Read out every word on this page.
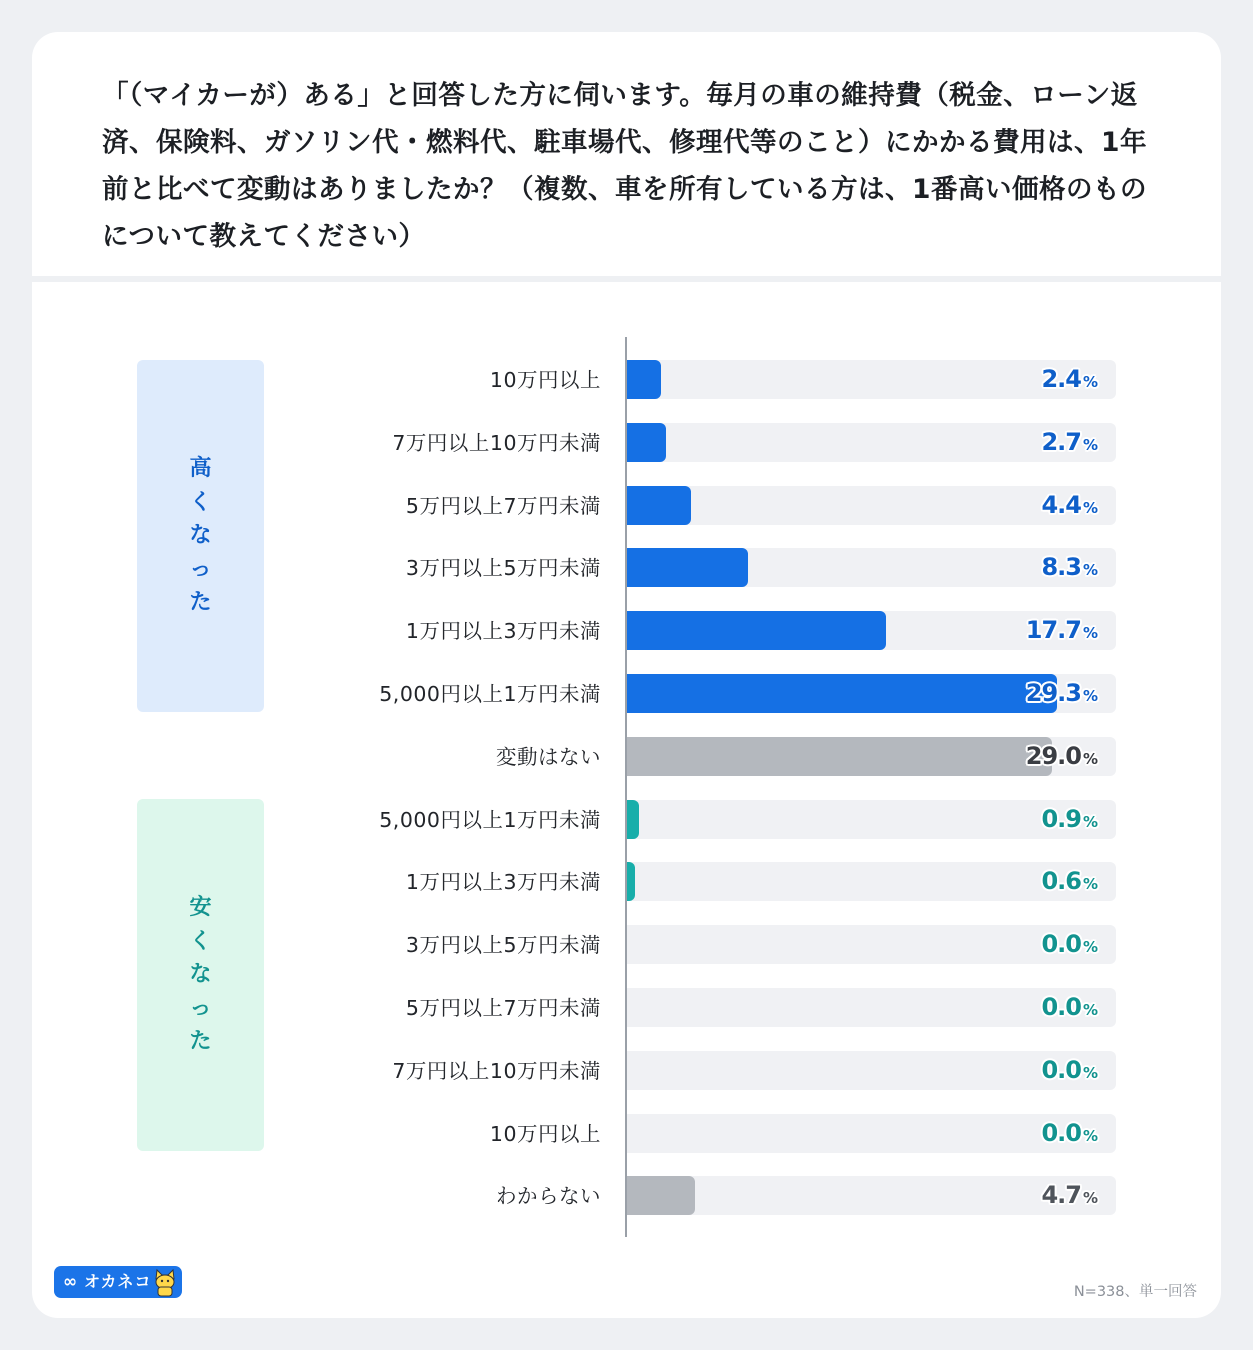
「（マイカーが）ある」と回答した方に伺います。毎月の車の維持費（税金、ローン返済、保険料、ガソリン代・燃料代、駐車場代、修理代等のこと）にかかる費用は、1年前と比べて変動はありましたか？（複数、車を所有している方は、1番高い価格のものについて教えてください）
高
く
な
っ
た
安
く
な
っ
た
10万円以上	2.4 %
7万円以上10万円未満	2.7 %
5万円以上7万円未満	4.4 %
3万円以上5万円未満	8.3 %
1万円以上3万円未満	17.7 %
5,000円以上1万円未満	29.3 %
変動はない	29.0 %
5,000円以上1万円未満	0.9 %
1万円以上3万円未満	0.6 %
3万円以上5万円未満	0.0 %
5万円以上7万円未満	0.0 %
7万円以上10万円未満	0.0 %
10万円以上	0.0 %
わからない	4.7 %
∞ オカネコ
N=338、単一回答
